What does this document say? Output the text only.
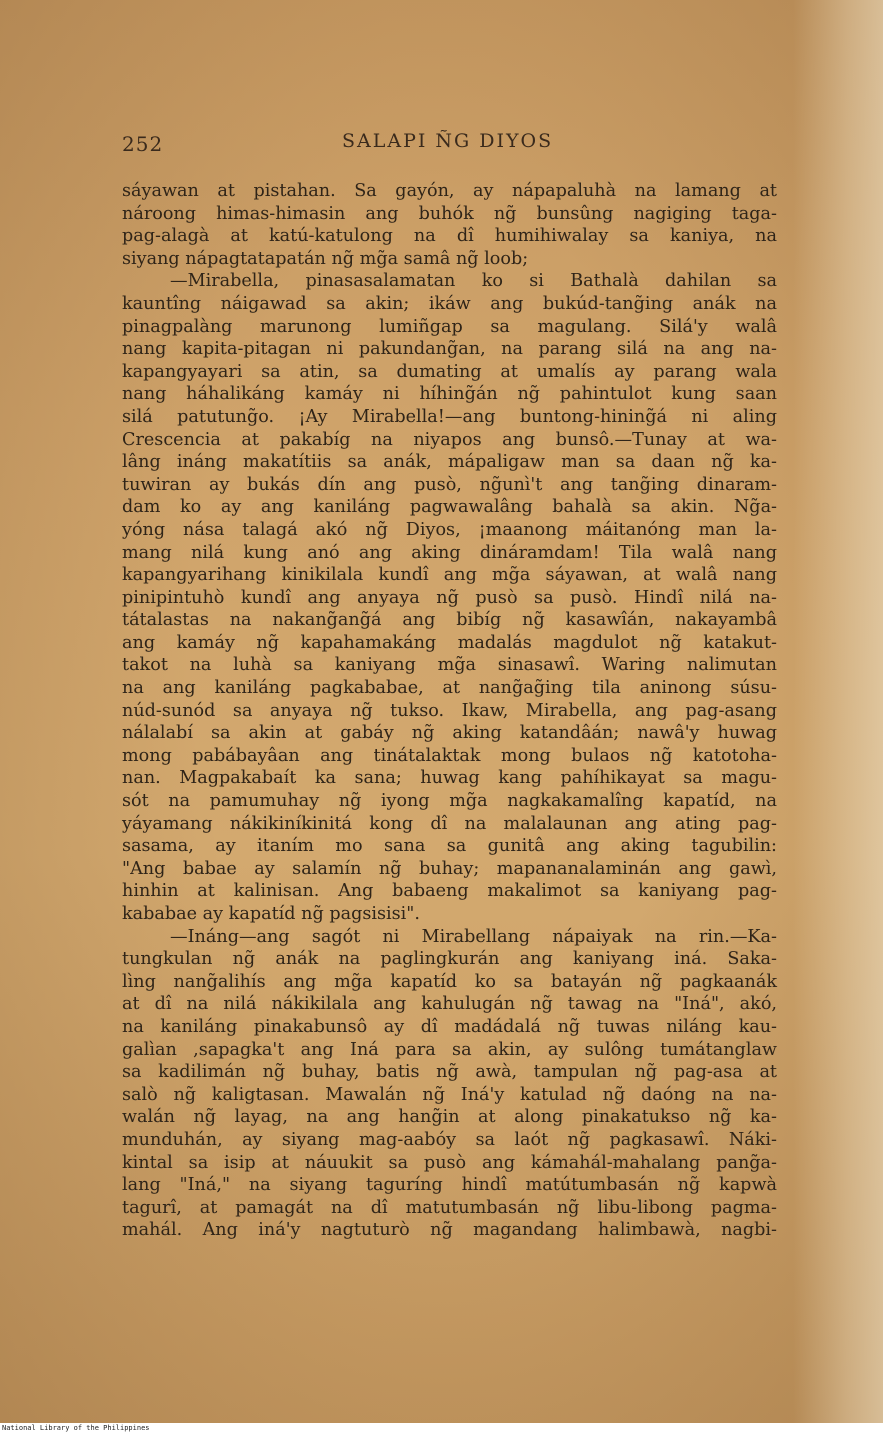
252	SALAPI ÑG DIYOS
sáyawan at pistahan. Sa gayón, ay nápapaluhà na lamang at
nároong himas-himasin ang buhók ng̃ bunsûng nagiging taga-
pag-alagà at katú-katulong na dî humihiwalay sa kaniya, na
siyang nápagtatapatán ng̃ mg̃a samâ ng̃ loob;
—Mirabella, pinasasalamatan ko si Bathalà dahilan sa
kauntîng náigawad sa akin; ikáw ang bukúd-tang̃ing anák na
pinagpalàng marunong lumiñgap sa magulang. Silá'y walâ
nang kapita-pitagan ni pakundang̃an, na parang silá na ang na-
kapangyayari sa atin, sa dumating at umalís ay parang wala
nang háhalikáng kamáy ni híhing̃án ng̃ pahintulot kung saan
silá patutung̃o. ¡Ay Mirabella!—ang buntong-hining̃á ni aling
Crescencia at pakabíg na niyapos ang bunsô.—Tunay at wa-
lâng ináng makatítiis sa anák, mápaligaw man sa daan ng̃ ka-
tuwiran ay bukás dín ang pusò, ng̃unì't ang tang̃ing dinaram-
dam ko ay ang kaniláng pagwawalâng bahalà sa akin. Ng̃a-
yóng násа talagá akó ng̃ Diyos, ¡maanong máitanóng man la-
mang nilá kung anó ang aking dináramdam! Tila walâ nang
kapangyarihang kinikilala kundî ang mg̃a sáyawan, at walâ nang
pinipintuhò kundî ang anyaya ng̃ pusò sa pusò. Hindî nilá na-
tátalastas na nakang̃ang̃á ang bibíg ng̃ kasawîán, nakayambâ
ang kamáy ng̃ kapahamakáng madalás magdulot ng̃ katakut-
takot na luhà sa kaniyang mg̃a sinasawî. Waring nalimutan
na ang kaniláng pagkababae, at nang̃ag̃ing tila aninong súsu-
núd-sunód sa anyaya ng̃ tukso. Ikaw, Mirabella, ang pag-asang
nálalabí sa akin at gabáy ng̃ aking katandâán; nawâ'y huwag
mong pabábayâan ang tinátalaktak mong bulaos ng̃ katotoha-
nan. Magpakabaít ka sana; huwag kang pahíhikayat sa magu-
sót na pamumuhay ng̃ iyong mg̃a nagkakamalîng kapatíd, na
yáyamang nákikiníkinitá kong dî na malalaunan ang ating pag-
sasama, ay itaním mo sana sa gunitâ ang aking tagubilin:
"Ang babae ay salamín ng̃ buhay; mapananalaminán ang gawì,
hinhin at kalinisan. Ang babaeng makalimot sa kaniyang pag-
kababae ay kapatíd ng̃ pagsisisi".
—Ináng—ang sagót ni Mirabellang nápaiyak na rin.—Ka-
tungkulan ng̃ anák na paglingkurán ang kaniyang iná. Saka-
lìng nang̃alihís ang mg̃a kapatíd ko sa batayán ng̃ pagkaanák
at dî na nilá nákikilala ang kahulugán ng̃ tawag na "Iná", akó,
na kaniláng pinakabunsô ay dî madádalá ng̃ tuwas niláng kau-
galìan ,sapagka't ang Iná para sa akin, ay sulông tumátanglaw
sa kadilimán ng̃ buhay, batis ng̃ awà, tampulan ng̃ pag-asa at
salò ng̃ kaligtasan. Mawalán ng̃ Iná'y katulad ng̃ daóng na na-
walán ng̃ layag, na ang hang̃in at along pinakatukso ng̃ ka-
munduhán, ay siyang mag-aabóy sa laót ng̃ pagkasawî. Náki-
kintal sa isip at náuukit sa pusò ang kámahál-mahalang pang̃a-
lang "Iná," na siyang taguríng hindî matútumbasán ng̃ kapwà
tagurî, at pamagát na dî matutumbasán ng̃ libu-libong pagma-
mahál. Ang iná'y nagtuturò ng̃ magandang halimbawà, nagbi-
National Library of the Philippines
